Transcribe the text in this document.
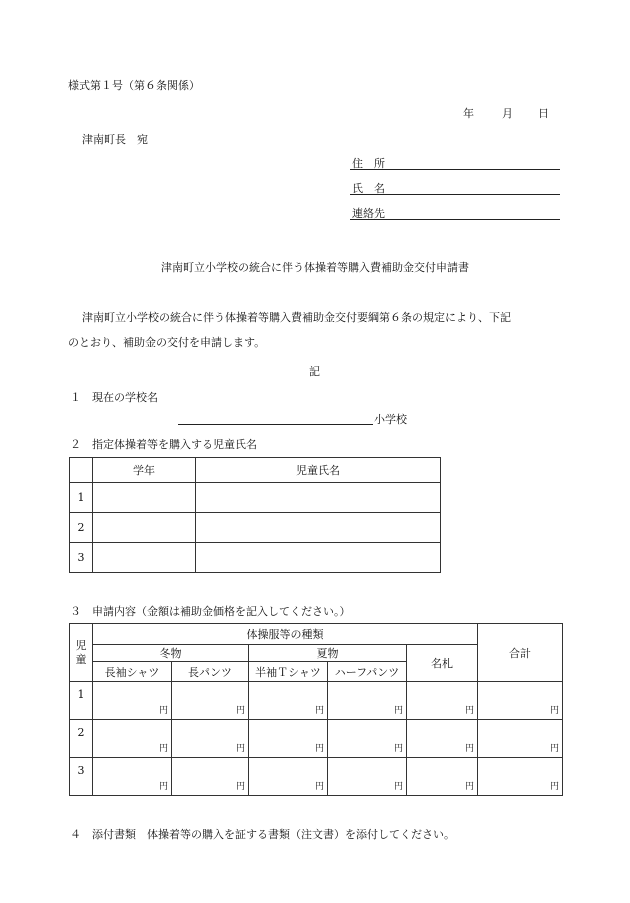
様式第１号（第６条関係）
年	月 日
津南町長　宛
住　所
氏　名
連絡先
津南町立小学校の統合に伴う体操着等購入費補助金交付申請書
津南町立小学校の統合に伴う体操着等購入費補助金交付要綱第６条の規定により、下記
のとおり、補助金の交付を申請します。
記
１　現在の学校名
小学校
２　指定体操着等を購入する児童氏名
	学年	児童氏名
1		
2		
3		
３　申請内容（金額は補助金価格を記入してください。）
児
童	体操服等の種類					合計
	冬物		夏物		名札	
	長袖シャツ	長パンツ	半袖Ｔシャツ	ハーフパンツ		
1	円	円	円	円	円	円
2	円	円	円	円	円	円
3	円	円	円	円	円	円
４　添付書類　体操着等の購入を証する書類（注文書）を添付してください。
